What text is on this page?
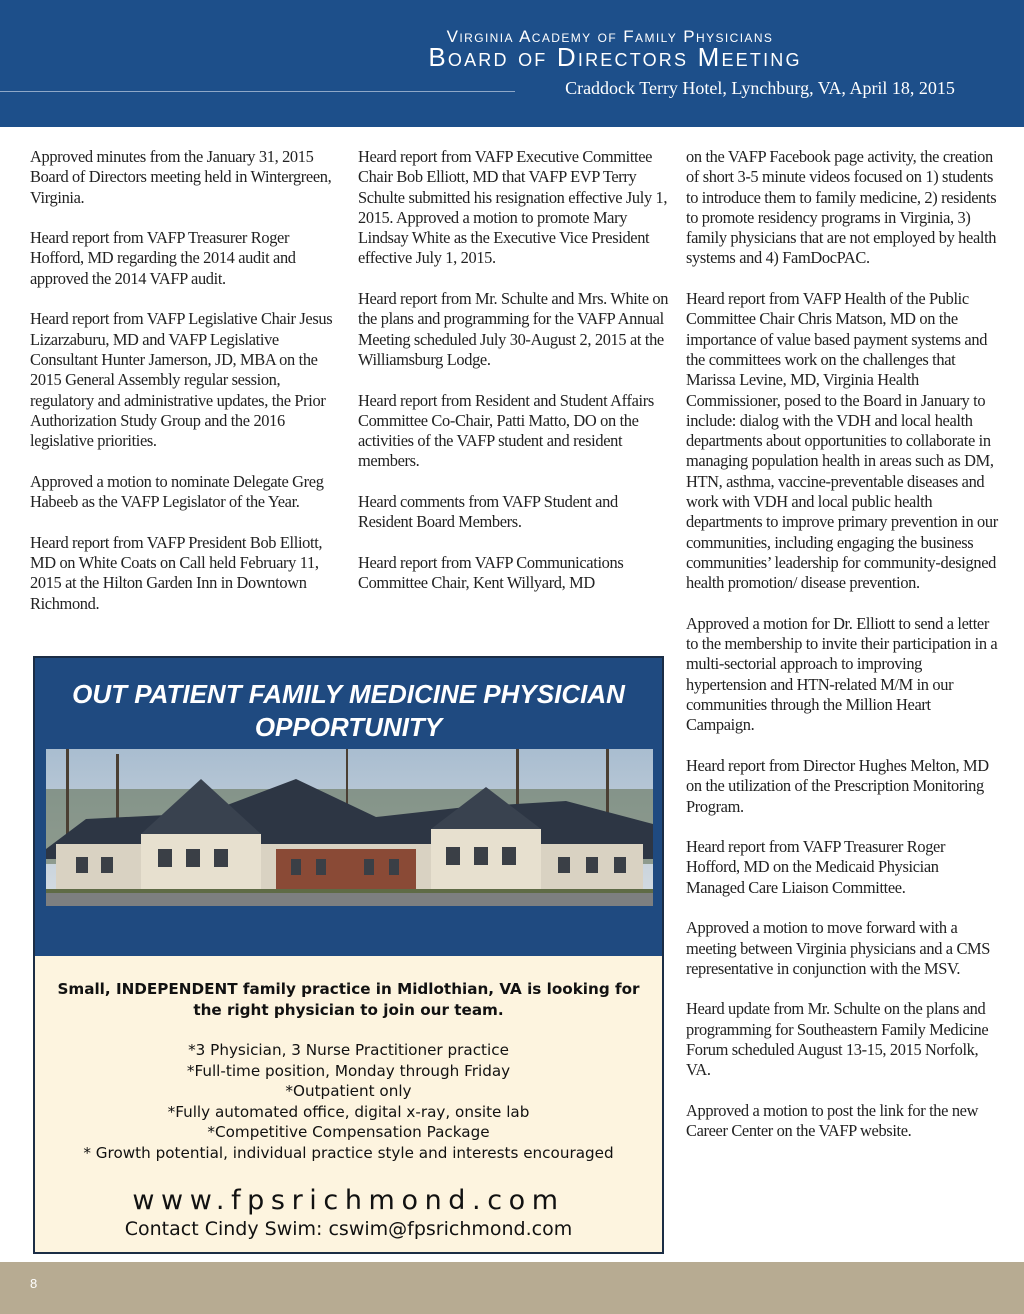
Virginia Academy of Family Physicians
Board of Directors Meeting
Craddock Terry Hotel, Lynchburg, VA, April 18, 2015

Approved minutes from the January 31, 2015 Board of Directors meeting held in Wintergreen, Virginia.

Heard report from VAFP Treasurer Roger Hofford, MD regarding the 2014 audit and approved the 2014 VAFP audit.

Heard report from VAFP Legislative Chair Jesus Lizarzaburu, MD and VAFP Legislative Consultant Hunter Jamerson, JD, MBA on the 2015 General Assembly regular session, regulatory and administrative updates, the Prior Authorization Study Group and the 2016 legislative priorities.

Approved a motion to nominate Delegate Greg Habeeb as the VAFP Legislator of the Year.

Heard report from VAFP President Bob Elliott, MD on White Coats on Call held February 11, 2015 at the Hilton Garden Inn in Downtown Richmond.

Heard report from VAFP Executive Committee Chair Bob Elliott, MD that VAFP EVP Terry Schulte submitted his resignation effective July 1, 2015. Approved a motion to promote Mary Lindsay White as the Executive Vice President effective July 1, 2015.

Heard report from Mr. Schulte and Mrs. White on the plans and programming for the VAFP Annual Meeting scheduled July 30-August 2, 2015 at the Williamsburg Lodge.

Heard report from Resident and Student Affairs Committee Co-Chair, Patti Matto, DO on the activities of the VAFP student and resident members.

Heard comments from VAFP Student and Resident Board Members.

Heard report from VAFP Communications Committee Chair, Kent Willyard, MD

on the VAFP Facebook page activity, the creation of short 3-5 minute videos focused on 1) students to introduce them to family medicine, 2) residents to promote residency programs in Virginia, 3) family physicians that are not employed by health systems and 4) FamDocPAC.

Heard report from VAFP Health of the Public Committee Chair Chris Matson, MD on the importance of value based payment systems and the committees work on the challenges that Marissa Levine, MD, Virginia Health Commissioner, posed to the Board in January to include: dialog with the VDH and local health departments about opportunities to collaborate in managing population health in areas such as DM, HTN, asthma, vaccine-preventable diseases and work with VDH and local public health departments to improve primary prevention in our communities, including engaging the business communities’ leadership for community-designed health promotion/ disease prevention.

Approved a motion for Dr. Elliott to send a letter to the membership to invite their participation in a multi-sectorial approach to improving hypertension and HTN-related M/M in our communities through the Million Heart Campaign.

Heard report from Director Hughes Melton, MD on the utilization of the Prescription Monitoring Program.

Heard report from VAFP Treasurer Roger Hofford, MD on the Medicaid Physician Managed Care Liaison Committee.

Approved a motion to move forward with a meeting between Virginia physicians and a CMS representative in conjunction with the MSV.

Heard update from Mr. Schulte on the plans and programming for Southeastern Family Medicine Forum scheduled August 13-15, 2015 Norfolk, VA.

Approved a motion to post the link for the new Career Center on the VAFP website.

OUT PATIENT FAMILY MEDICINE PHYSICIAN OPPORTUNITY
Small, INDEPENDENT family practice in Midlothian, VA is looking for the right physician to join our team.
*3 Physician, 3 Nurse Practitioner practice
*Full-time position, Monday through Friday
*Outpatient only
*Fully automated office, digital x-ray, onsite lab
*Competitive Compensation Package
* Growth potential, individual practice style and interests encouraged
www.fpsrichmond.com
Contact Cindy Swim: cswim@fpsrichmond.com
8
